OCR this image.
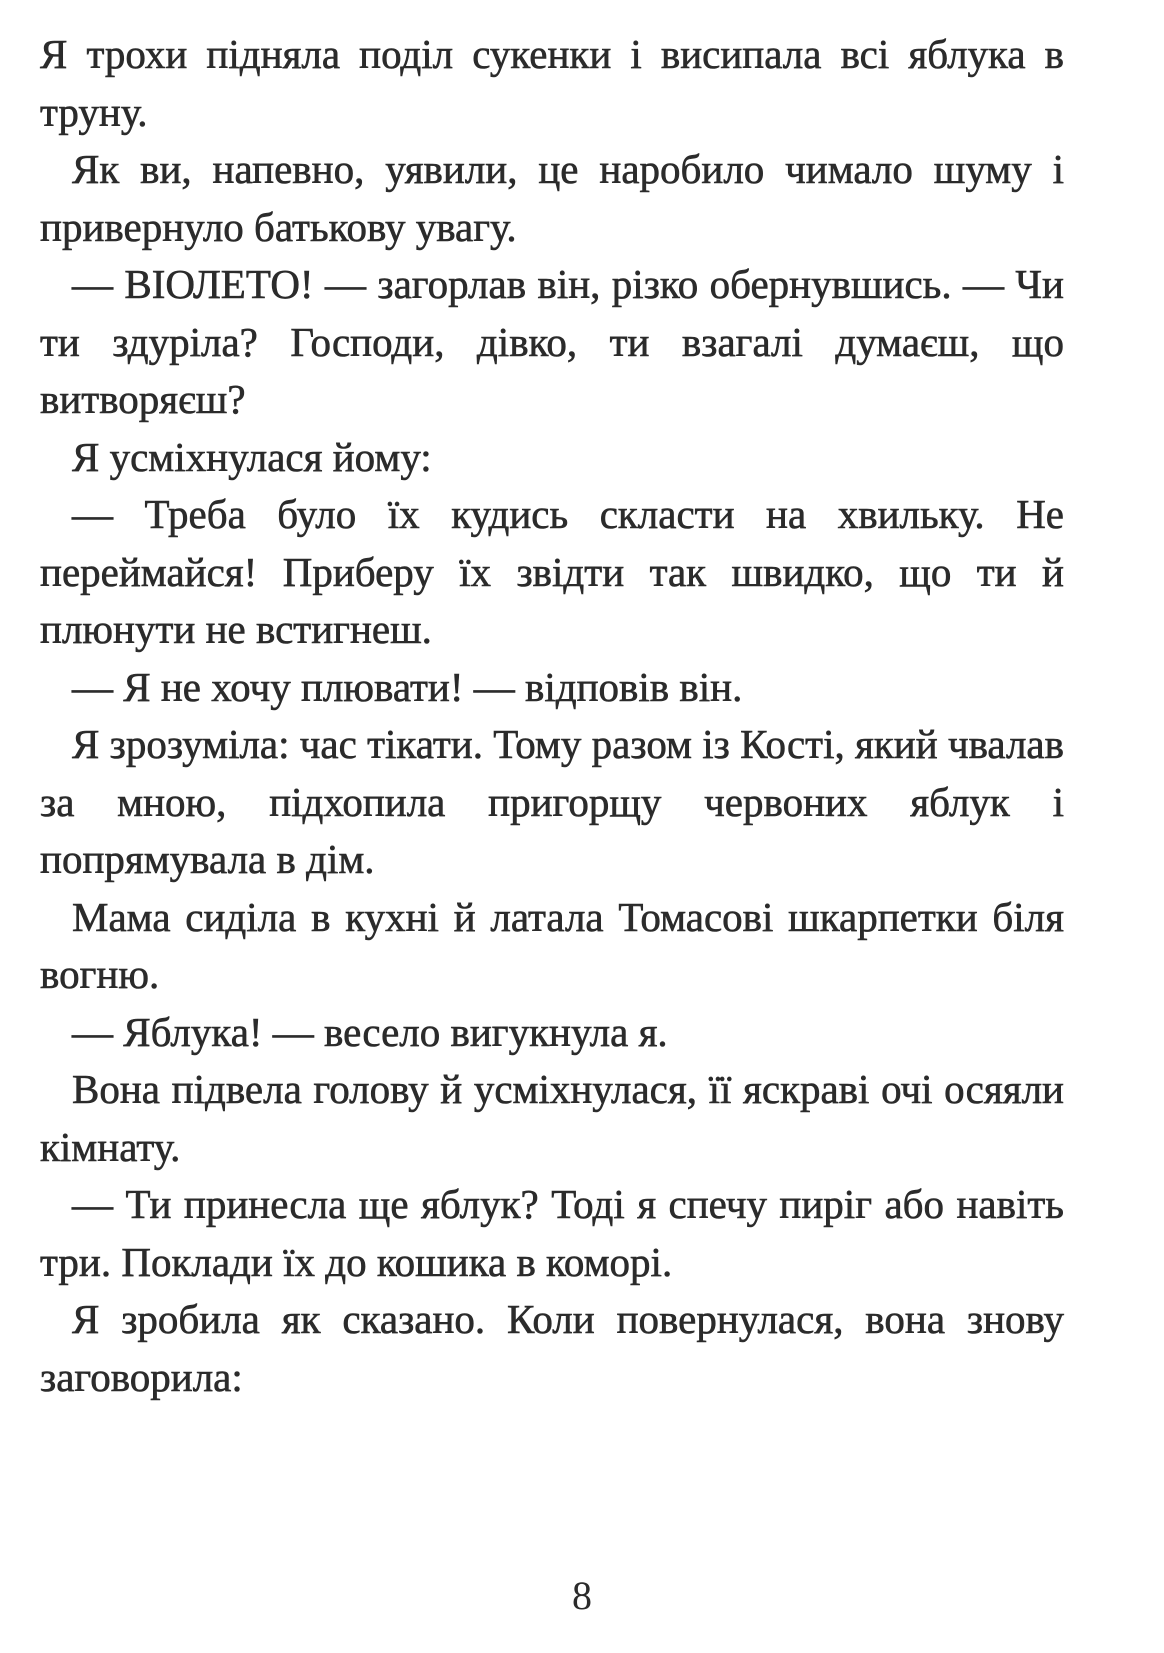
Я трохи підняла поділ сукенки і висипала всі яблука в труну.

Як ви, напевно, уявили, це наробило чимало шуму і привернуло батькову увагу.

— ВІОЛЕТО! — загорлав він, різко обернувшись. — Чи ти здуріла? Господи, дівко, ти взагалі думаєш, що витворяєш?

Я усміхнулася йому:

— Треба було їх кудись скласти на хвильку. Не переймайся! Приберу їх звідти так швидко, що ти й плюнути не встигнеш.

— Я не хочу плювати! — відповів він.

Я зрозуміла: час тікати. Тому разом із Кості, який чвалав за мною, підхопила пригорщу червоних яблук і попрямувала в дім.

Мама сиділа в кухні й латала Томасові шкарпетки біля вогню.

— Яблука! — весело вигукнула я.

Вона підвела голову й усміхнулася, її яскраві очі осяяли кімнату.

— Ти принесла ще яблук? Тоді я спечу пиріг або навіть три. Поклади їх до кошика в коморі.

Я зробила як сказано. Коли повернулася, вона знову заговорила:

8
